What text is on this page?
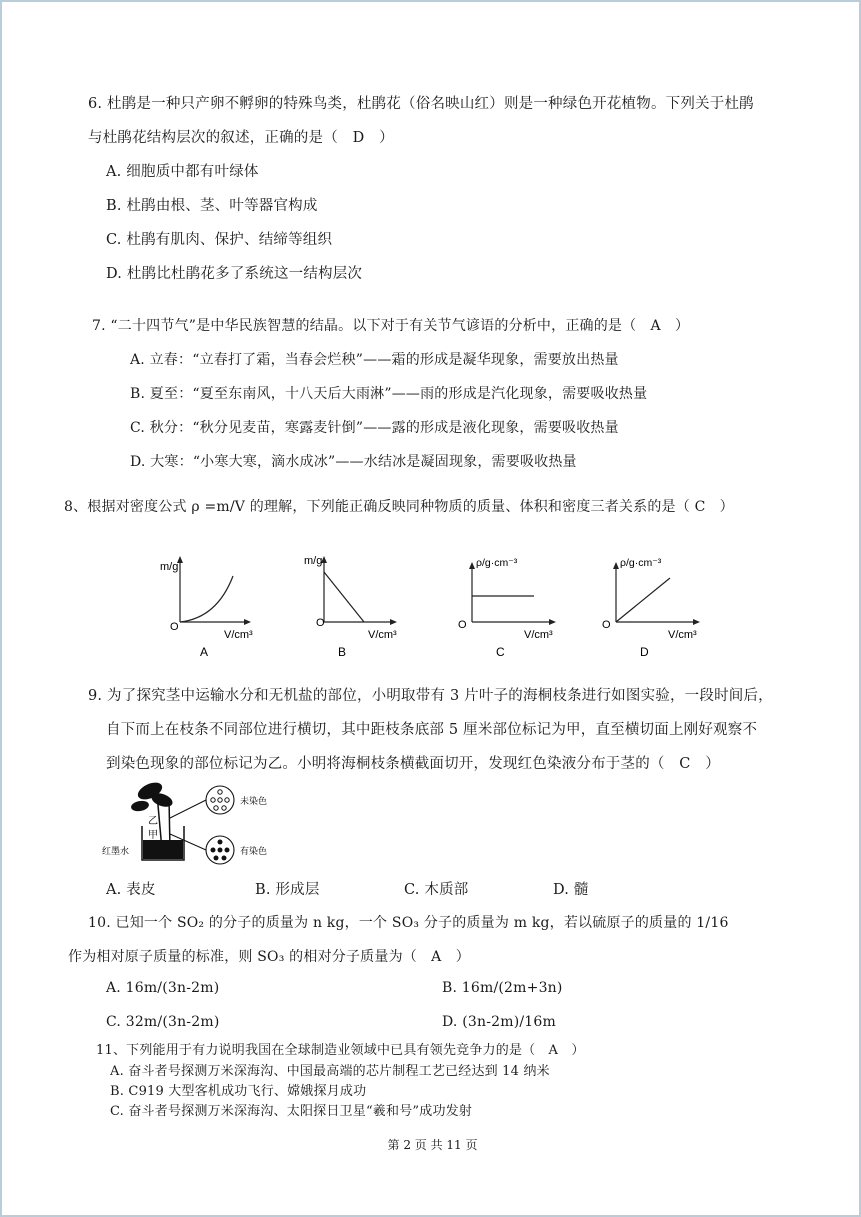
6. 杜鹃是一种只产卵不孵卵的特殊鸟类，杜鹃花（俗名映山红）则是一种绿色开花植物。下列关于杜鹃
与杜鹃花结构层次的叙述，正确的是（　D　）
A. 细胞质中都有叶绿体
B. 杜鹃由根、茎、叶等器官构成
C. 杜鹃有肌肉、保护、结缔等组织
D. 杜鹃比杜鹃花多了系统这一结构层次
7. “二十四节气”是中华民族智慧的结晶。以下对于有关节气谚语的分析中，正确的是（　A　）
A. 立春：“立春打了霜，当春会烂秧”——霜的形成是凝华现象，需要放出热量
B. 夏至：“夏至东南风，十八天后大雨淋”——雨的形成是汽化现象，需要吸收热量
C. 秋分：“秋分见麦苗，寒露麦针倒”——露的形成是液化现象，需要吸收热量
D. 大寒：“小寒大寒，滴水成冰”——水结冰是凝固现象，需要吸收热量
8、根据对密度公式 ρ =m/V 的理解，下列能正确反映同种物质的质量、体积和密度三者关系的是（ C　）
m/g
O
V/cm³
A
m/g
O
V/cm³
B
ρ/g·cm⁻³
O
V/cm³
C
ρ/g·cm⁻³
O
V/cm³
D
9. 为了探究茎中运输水分和无机盐的部位，小明取带有 3 片叶子的海桐枝条进行如图实验，一段时间后，
自下而上在枝条不同部位进行横切，其中距枝条底部 5 厘米部位标记为甲，直至横切面上刚好观察不
到染色现象的部位标记为乙。小明将海桐枝条横截面切开，发现红色染液分布于茎的（　C　）
乙
甲
红墨水
未染色
有染色
A. 表皮	B. 形成层	C. 木质部	D. 髓
10. 已知一个 SO₂ 的分子的质量为 n kg，一个 SO₃ 分子的质量为 m kg，若以硫原子的质量的 1/16
作为相对原子质量的标准，则 SO₃ 的相对分子质量为（　A　）
A. 16m/(3n-2m)	B. 16m/(2m+3n)
C. 32m/(3n-2m)	D. (3n-2m)/16m
11、下列能用于有力说明我国在全球制造业领域中已具有领先竞争力的是（　A　）
A. 奋斗者号探测万米深海沟、中国最高端的芯片制程工艺已经达到 14 纳米
B. C919 大型客机成功飞行、嫦娥探月成功
C. 奋斗者号探测万米深海沟、太阳探日卫星“羲和号”成功发射
第 2 页 共 11 页
